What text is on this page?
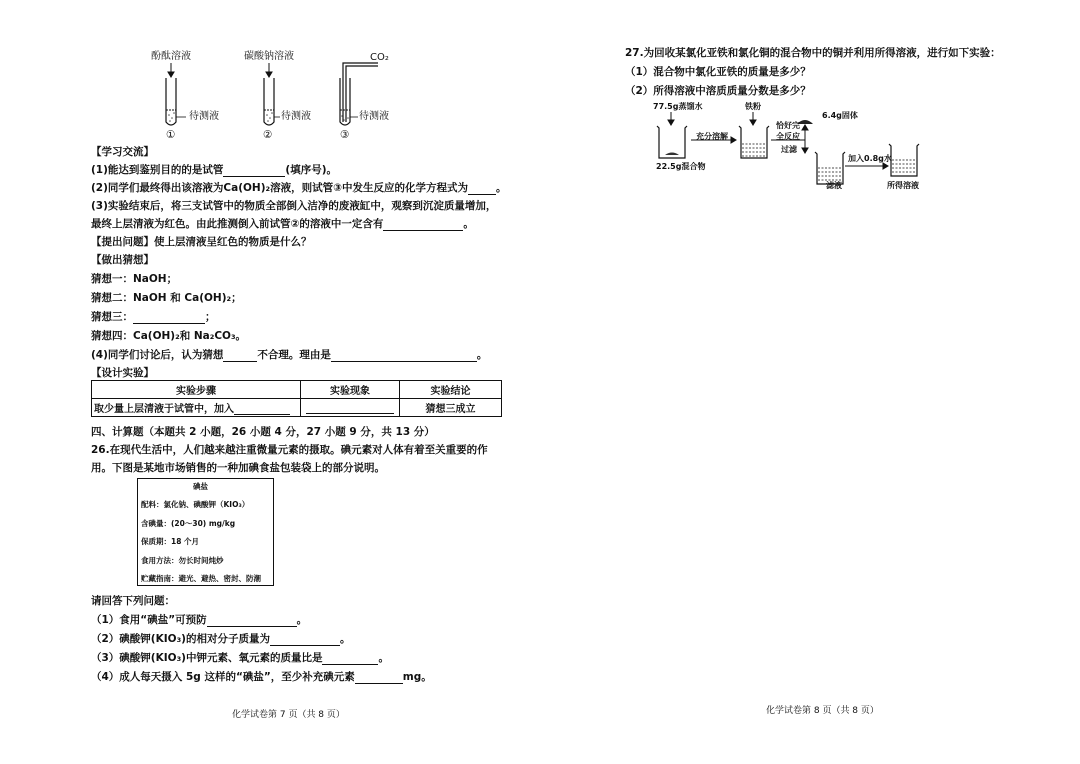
酚酞溶液	碳酸钠溶液	CO₂
待测液	待测液	待测液
①	②	③
【学习交流】
(1)能达到鉴别目的的是试管	(填序号)。
(2)同学们最终得出该溶液为Ca(OH)₂溶液，则试管③中发生反应的化学方程式为	。
(3)实验结束后，将三支试管中的物质全部倒入洁净的废液缸中，观察到沉淀质量增加，
最终上层清液为红色。由此推测倒入前试管②的溶液中一定含有	。
【提出问题】使上层清液呈红色的物质是什么？
【做出猜想】
猜想一：NaOH；
猜想二：NaOH 和 Ca(OH)₂；
猜想三：	；
猜想四：Ca(OH)₂和 Na₂CO₃。
(4)同学们讨论后，认为猜想	不合理。理由是	。
【设计实验】
实验步骤	实验现象	实验结论
取少量上层清液于试管中，加入		猜想三成立
四、计算题（本题共 2 小题，26 小题 4 分，27 小题 9 分，共 13 分）
26.在现代生活中，人们越来越注重微量元素的摄取。碘元素对人体有着至关重要的作
用。下图是某地市场销售的一种加碘食盐包装袋上的部分说明。
碘盐
配料：氯化钠、碘酸钾（KIO₃）
含碘量：(20～30) mg/kg
保质期：18 个月
食用方法：勿长时间炖炒
贮藏指南：避光、避热、密封、防潮
请回答下列问题：
（1）食用“碘盐”可预防	。
（2）碘酸钾(KIO₃)的相对分子质量为	。
（3）碘酸钾(KIO₃)中钾元素、氧元素的质量比是	。
（4）成人每天摄入 5g 这样的“碘盐”，至少补充碘元素	mg。
化学试卷第 7 页（共 8 页）
27.为回收某氯化亚铁和氯化铜的混合物中的铜并利用所得溶液，进行如下实验：
（1）混合物中氯化亚铁的质量是多少？
（2）所得溶液中溶质质量分数是多少？
77.5g蒸馏水	铁粉
6.4g固体
充分溶解
恰好完
全反应
过滤
加入0.8g水
22.5g混合物
滤液	所得溶液
化学试卷第 8 页（共 8 页）
